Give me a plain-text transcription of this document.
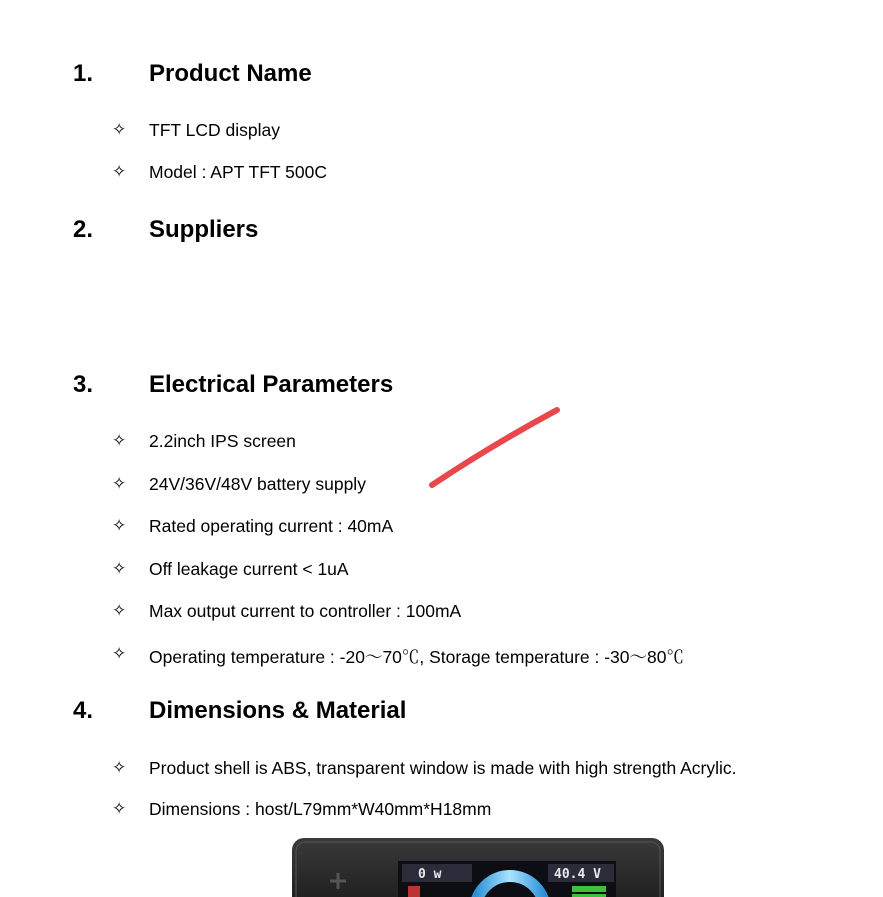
1. Product Name
✧ TFT LCD display
✧ Model : APT TFT 500C
2. Suppliers
3. Electrical Parameters
✧ 2.2inch IPS screen
✧ 24V/36V/48V battery supply
✧ Rated operating current : 40mA
✧ Off leakage current < 1uA
✧ Max output current to controller : 100mA
✧ Operating temperature : -20～70℃, Storage temperature : -30～80℃
4. Dimensions & Material
✧ Product shell is ABS, transparent window is made with high strength Acrylic.
✧ Dimensions : host/L79mm*W40mm*H18mm
0 w	40.4 V
